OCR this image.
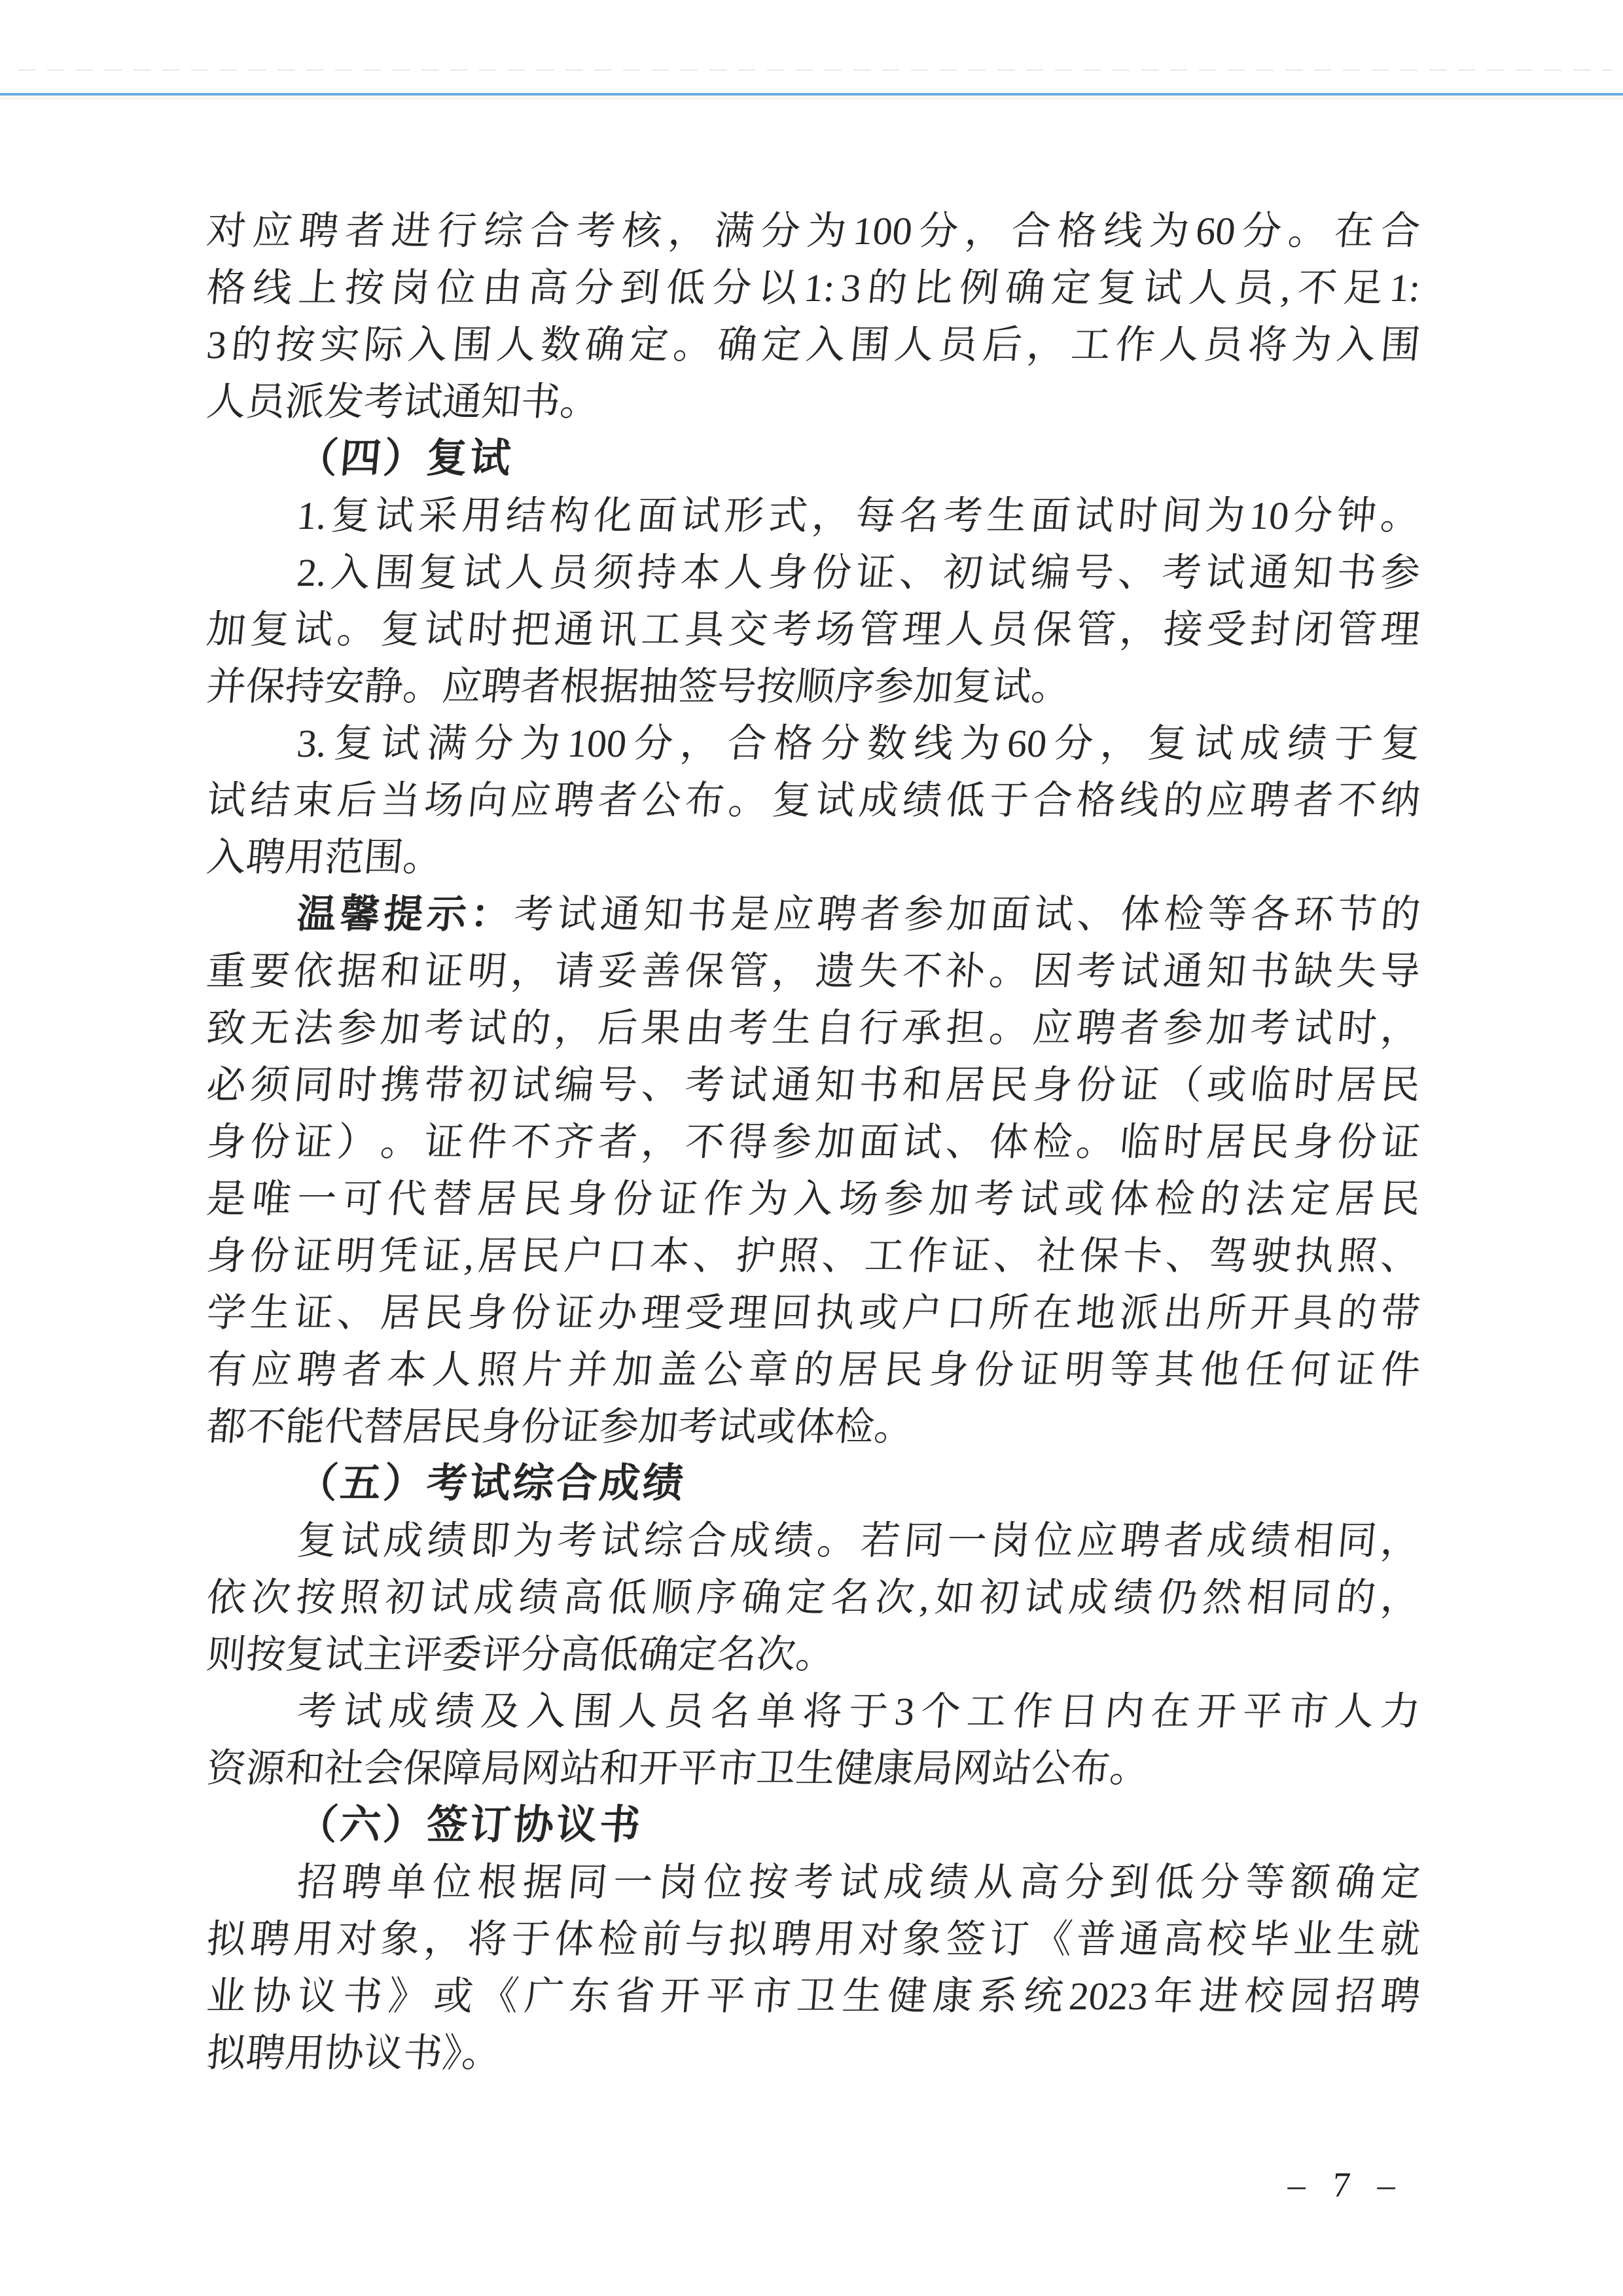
对 应 聘 者 进 行 综 合 考 核 ， 满 分 为 100 分 ， 合 格 线 为 60 分 。 在 合
格 线 上 按 岗 位 由 高 分 到 低 分 以 1: 3 的 比 例 确 定 复 试 人 员 , 不 足 1:
3 的 按 实 际 入 围 人 数 确 定 。 确 定 入 围 人 员 后 ， 工 作 人 员 将 为 入 围
人员派发考试通知书。
（四）复试
1. 复 试 采 用 结 构 化 面 试 形 式 ， 每 名 考 生 面 试 时 间 为 10 分 钟 。
2. 入 围 复 试 人 员 须 持 本 人 身 份 证 、 初 试 编 号 、 考 试 通 知 书 参
加 复 试 。 复 试 时 把 通 讯 工 具 交 考 场 管 理 人 员 保 管 ， 接 受 封 闭 管 理
并保持安静。应聘者根据抽签号按顺序参加复试。
3. 复 试 满 分 为 100 分 ， 合 格 分 数 线 为 60 分 ， 复 试 成 绩 于 复
试 结 束 后 当 场 向 应 聘 者 公 布 。 复 试 成 绩 低 于 合 格 线 的 应 聘 者 不 纳
入聘用范围。
温 馨 提 示 ： 考 试 通 知 书 是 应 聘 者 参 加 面 试 、 体 检 等 各 环 节 的
重 要 依 据 和 证 明 ， 请 妥 善 保 管 ， 遗 失 不 补 。 因 考 试 通 知 书 缺 失 导
致 无 法 参 加 考 试 的 ， 后 果 由 考 生 自 行 承 担 。 应 聘 者 参 加 考 试 时 ，
必 须 同 时 携 带 初 试 编 号 、 考 试 通 知 书 和 居 民 身 份 证 （ 或 临 时 居 民
身 份 证 ） 。 证 件 不 齐 者 ， 不 得 参 加 面 试 、 体 检 。 临 时 居 民 身 份 证
是 唯 一 可 代 替 居 民 身 份 证 作 为 入 场 参 加 考 试 或 体 检 的 法 定 居 民
身 份 证 明 凭 证 , 居 民 户 口 本 、 护 照 、 工 作 证 、 社 保 卡 、 驾 驶 执 照 、
学 生 证 、 居 民 身 份 证 办 理 受 理 回 执 或 户 口 所 在 地 派 出 所 开 具 的 带
有 应 聘 者 本 人 照 片 并 加 盖 公 章 的 居 民 身 份 证 明 等 其 他 任 何 证 件
都不能代替居民身份证参加考试或体检。
（五）考试综合成绩
复 试 成 绩 即 为 考 试 综 合 成 绩 。 若 同 一 岗 位 应 聘 者 成 绩 相 同 ，
依 次 按 照 初 试 成 绩 高 低 顺 序 确 定 名 次 , 如 初 试 成 绩 仍 然 相 同 的 ，
则按复试主评委评分高低确定名次。
考 试 成 绩 及 入 围 人 员 名 单 将 于 3 个 工 作 日 内 在 开 平 市 人 力
资源和社会保障局网站和开平市卫生健康局网站公布。
（六）签订协议书
招 聘 单 位 根 据 同 一 岗 位 按 考 试 成 绩 从 高 分 到 低 分 等 额 确 定
拟 聘 用 对 象 ， 将 于 体 检 前 与 拟 聘 用 对 象 签 订 《 普 通 高 校 毕 业 生 就
业 协 议 书 》 或 《 广 东 省 开 平 市 卫 生 健 康 系 统 2023 年 进 校 园 招 聘
拟聘用协议书》。
– 7 –
